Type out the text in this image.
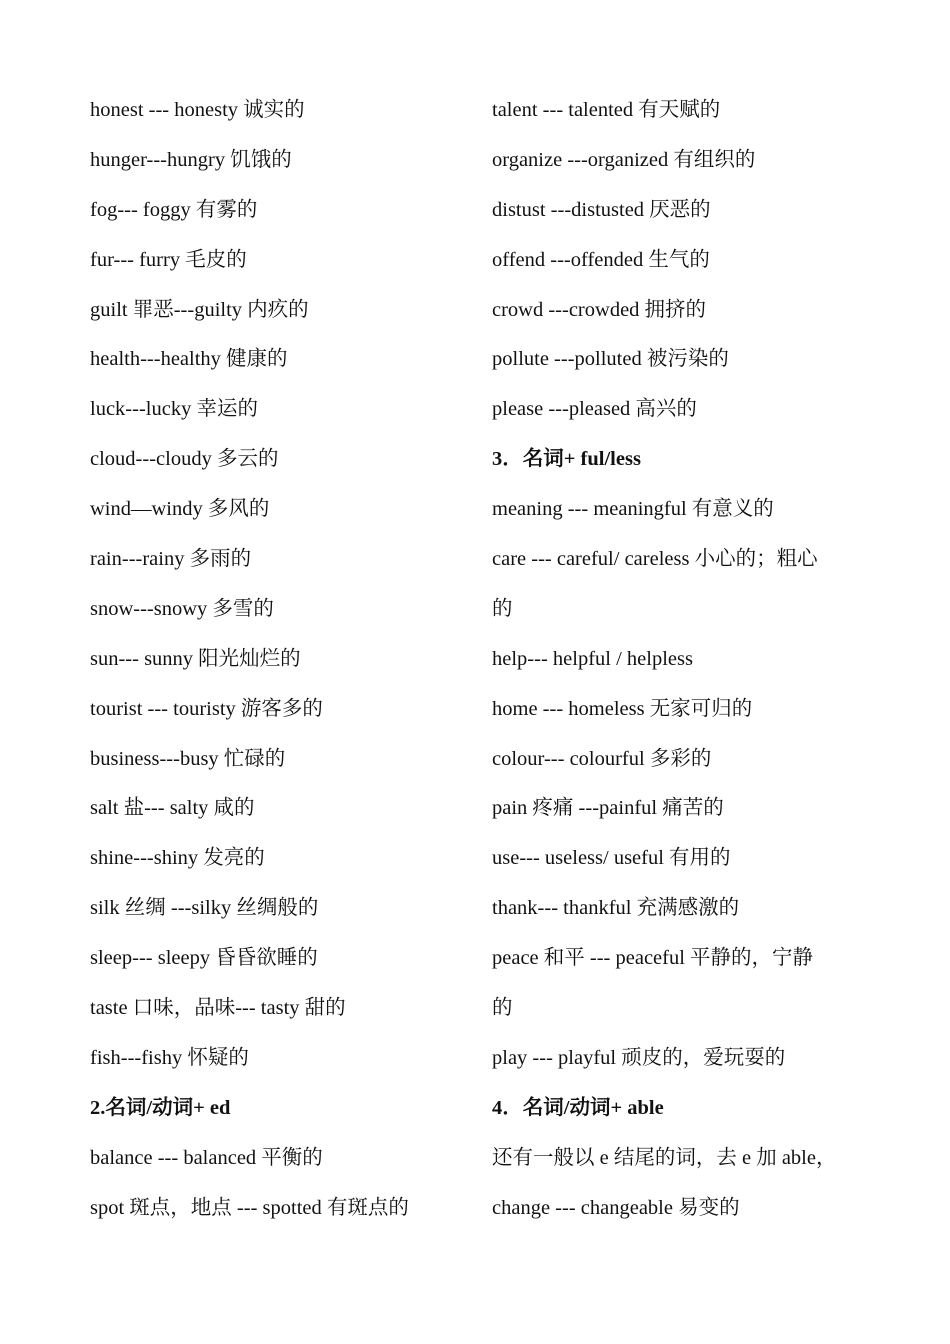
honest --- honesty 诚实的
hunger---hungry 饥饿的
fog--- foggy 有雾的
fur--- furry 毛皮的
guilt 罪恶---guilty 内疚的
health---healthy 健康的
luck---lucky 幸运的
cloud---cloudy 多云的
wind—windy 多风的
rain---rainy 多雨的
snow---snowy 多雪的
sun--- sunny 阳光灿烂的
tourist --- touristy 游客多的
business---busy 忙碌的
salt 盐--- salty 咸的
shine---shiny 发亮的
silk 丝绸 ---silky 丝绸般的
sleep--- sleepy 昏昏欲睡的
taste 口味，品味--- tasty 甜的
fish---fishy 怀疑的
2.名词/动词+ ed
balance --- balanced 平衡的
spot 斑点，地点 --- spotted 有斑点的
talent --- talented 有天赋的
organize ---organized 有组织的
distust ---distusted 厌恶的
offend ---offended 生气的
crowd ---crowded 拥挤的
pollute ---polluted 被污染的
please ---pleased 高兴的
3．名词+ ful/less
meaning --- meaningful 有意义的
care --- careful/ careless 小心的；粗心
的
help--- helpful / helpless
home --- homeless 无家可归的
colour--- colourful 多彩的
pain 疼痛 ---painful 痛苦的
use--- useless/ useful 有用的
thank--- thankful 充满感激的
peace 和平 --- peaceful 平静的，宁静
的
play --- playful 顽皮的，爱玩耍的
4．名词/动词+ able
还有一般以 e 结尾的词，去 e 加 able，
change --- changeable 易变的
